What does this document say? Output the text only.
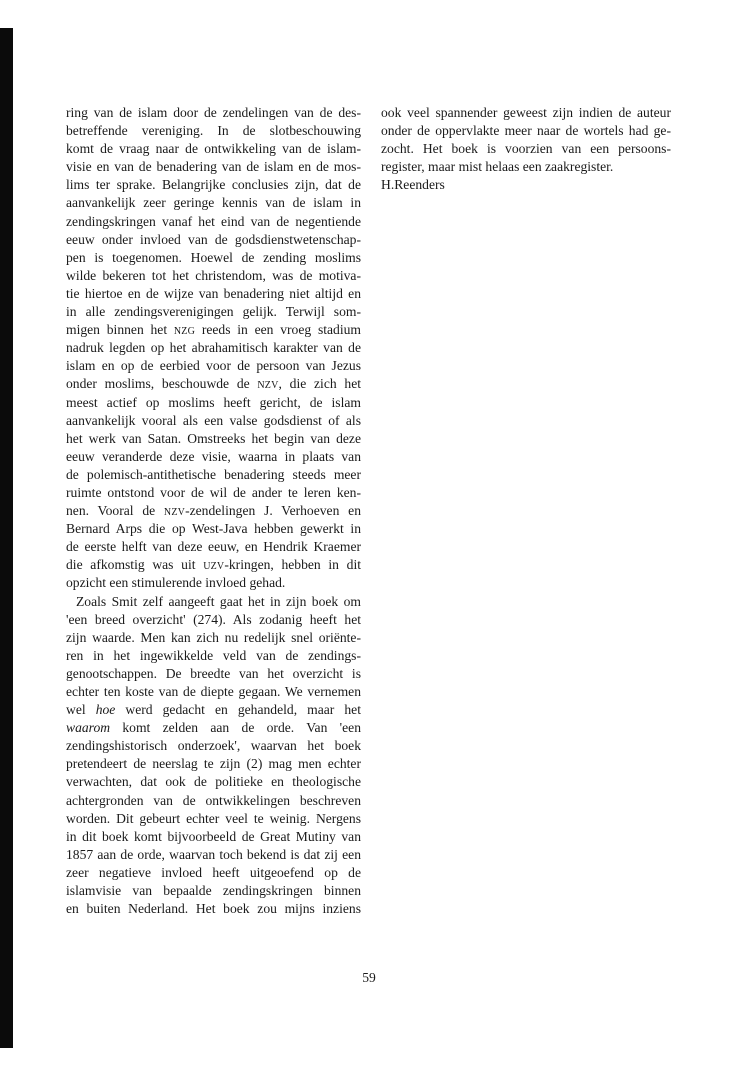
ring van de islam door de zendelingen van de des-
betreffende vereniging. In de slotbeschouwing
komt de vraag naar de ontwikkeling van de islam-
visie en van de benadering van de islam en de mos-
lims ter sprake. Belangrijke conclusies zijn, dat de
aanvankelijk zeer geringe kennis van de islam in
zendingskringen vanaf het eind van de negentiende
eeuw onder invloed van de godsdienstwetenschap-
pen is toegenomen. Hoewel de zending moslims
wilde bekeren tot het christendom, was de motiva-
tie hiertoe en de wijze van benadering niet altijd en
in alle zendingsverenigingen gelijk. Terwijl som-
migen binnen het nzg reeds in een vroeg stadium
nadruk legden op het abrahamitisch karakter van de
islam en op de eerbied voor de persoon van Jezus
onder moslims, beschouwde de nzv, die zich het
meest actief op moslims heeft gericht, de islam
aanvankelijk vooral als een valse godsdienst of als
het werk van Satan. Omstreeks het begin van deze
eeuw veranderde deze visie, waarna in plaats van
de polemisch-antithetische benadering steeds meer
ruimte ontstond voor de wil de ander te leren ken-
nen. Vooral de nzv-zendelingen J. Verhoeven en
Bernard Arps die op West-Java hebben gewerkt in
de eerste helft van deze eeuw, en Hendrik Kraemer
die afkomstig was uit uzv-kringen, hebben in dit
opzicht een stimulerende invloed gehad.
Zoals Smit zelf aangeeft gaat het in zijn boek om
'een breed overzicht' (274). Als zodanig heeft het
zijn waarde. Men kan zich nu redelijk snel oriënte-
ren in het ingewikkelde veld van de zendings-
genootschappen. De breedte van het overzicht is
echter ten koste van de diepte gegaan. We vernemen
wel hoe werd gedacht en gehandeld, maar het
waarom komt zelden aan de orde. Van 'een
zendingshistorisch onderzoek', waarvan het boek
pretendeert de neerslag te zijn (2) mag men echter
verwachten, dat ook de politieke en theologische
achtergronden van de ontwikkelingen beschreven
worden. Dit gebeurt echter veel te weinig. Nergens
in dit boek komt bijvoorbeeld de Great Mutiny van
1857 aan de orde, waarvan toch bekend is dat zij een
zeer negatieve invloed heeft uitgeoefend op de
islamvisie van bepaalde zendingskringen binnen
en buiten Nederland. Het boek zou mijns inziens
ook veel spannender geweest zijn indien de auteur
onder de oppervlakte meer naar de wortels had ge-
zocht. Het boek is voorzien van een persoons-
register, maar mist helaas een zaakregister.
H.Reenders
59
